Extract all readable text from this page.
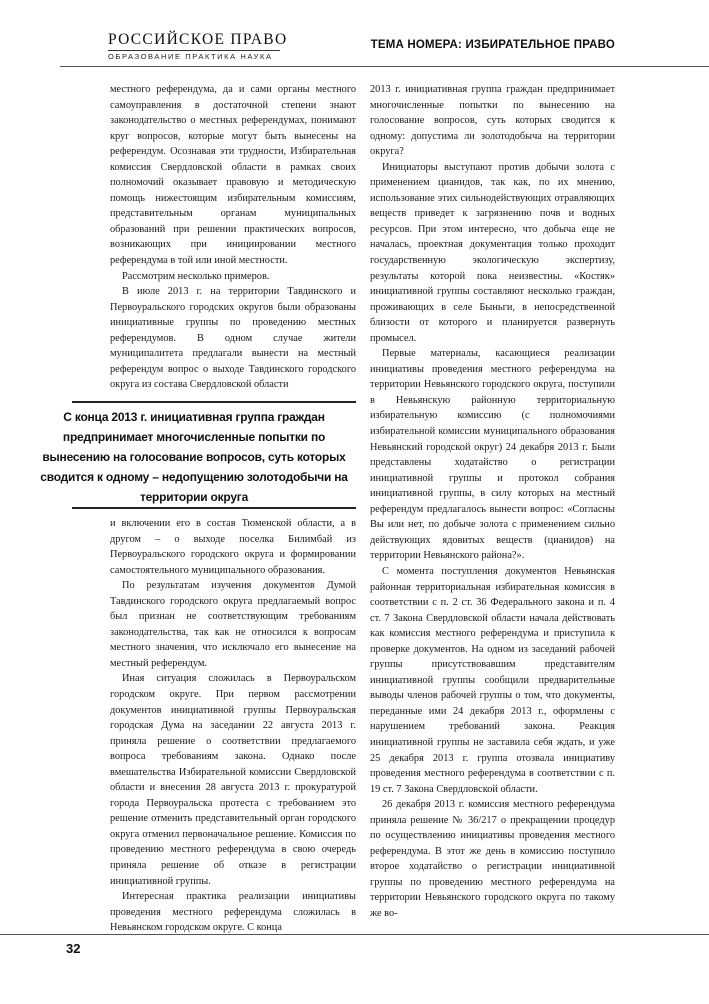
РОССИЙСКОЕ ПРАВО
ОБРАЗОВАНИЕ ПРАКТИКА НАУКА
ТЕМА НОМЕРА: ИЗБИРАТЕЛЬНОЕ ПРАВО

местного референдума, да и сами органы местного самоуправления в достаточной степени знают законодательство о местных референдумах, понимают круг вопросов, которые могут быть вынесены на референдум. Осознавая эти трудности, Избирательная комиссия Свердловской области в рамках своих полномочий оказывает правовую и методическую помощь нижестоящим избирательным комиссиям, представительным органам муниципальных образований при решении практических вопросов, возникающих при инициировании местного референдума в той или иной местности.

Рассмотрим несколько примеров.

В июле 2013 г. на территории Тавдинского и Первоуральского городских округов были образованы инициативные группы по проведению местных референдумов. В одном случае жители муниципалитета предлагали вынести на местный референдум вопрос о выходе Тавдинского городского округа из состава Свердловской области

С конца 2013 г. инициативная группа граждан предпринимает многочисленные попытки по вынесению на голосование вопросов, суть которых сводится к одному – недопущению золотодобычи на территории округа

и включении его в состав Тюменской области, а в другом – о выходе поселка Билимбай из Первоуральского городского округа и формировании самостоятельного муниципального образования.

По результатам изучения документов Думой Тавдинского городского округа предлагаемый вопрос был признан не соответствующим требованиям законодательства, так как не относился к вопросам местного значения, что исключало его вынесение на местный референдум.

Иная ситуация сложилась в Первоуральском городском округе. При первом рассмотрении документов инициативной группы Первоуральская городская Дума на заседании 22 августа 2013 г. приняла решение о соответствии предлагаемого вопроса требованиям закона. Однако после вмешательства Избирательной комиссии Свердловской области и внесения 28 августа 2013 г. прокуратурой города Первоуральска протеста с требованием это решение отменить представительный орган городского округа отменил первоначальное решение. Комиссия по проведению местного референдума в свою очередь приняла решение об отказе в регистрации инициативной группы.

Интересная практика реализации инициативы проведения местного референдума сложилась в Невьянском городском округе. С конца

2013 г. инициативная группа граждан предпринимает многочисленные попытки по вынесению на голосование вопросов, суть которых сводится к одному: допустима ли золотодобыча на территории округа?

Инициаторы выступают против добычи золота с применением цианидов, так как, по их мнению, использование этих сильнодействующих отравляющих веществ приведет к загрязнению почв и водных ресурсов. При этом интересно, что добыча еще не началась, проектная документация только проходит государственную экологическую экспертизу, результаты которой пока неизвестны. «Костяк» инициативной группы составляют несколько граждан, проживающих в селе Быньги, в непосредственной близости от которого и планируется развернуть промысел.

Первые материалы, касающиеся реализации инициативы проведения местного референдума на территории Невьянского городского округа, поступили в Невьянскую районную территориальную избирательную комиссию (с полномочиями избирательной комиссии муниципального образования Невьянский городской округ) 24 декабря 2013 г. Были представлены ходатайство о регистрации инициативной группы и протокол собрания инициативной группы, в силу которых на местный референдум предлагалось вынести вопрос: «Согласны Вы или нет, по добыче золота с применением сильно действующих ядовитых веществ (цианидов) на территории Невьянского района?».

С момента поступления документов Невьянская районная территориальная избирательная комиссия в соответствии с п. 2 ст. 36 Федерального закона и п. 4 ст. 7 Закона Свердловской области начала действовать как комиссия местного референдума и приступила к проверке документов. На одном из заседаний рабочей группы присутствовавшим представителям инициативной группы сообщили предварительные выводы членов рабочей группы о том, что документы, переданные ими 24 декабря 2013 г., оформлены с нарушением требований закона. Реакция инициативной группы не заставила себя ждать, и уже 25 декабря 2013 г. группа отозвала инициативу проведения местного референдума в соответствии с п. 19 ст. 7 Закона Свердловской области.

26 декабря 2013 г. комиссия местного референдума приняла решение № 36/217 о прекращении процедур по осуществлению инициативы проведения местного референдума. В этот же день в комиссию поступило второе ходатайство о регистрации инициативной группы по проведению местного референдума на территории Невьянского городского округа по такому же во-

32
